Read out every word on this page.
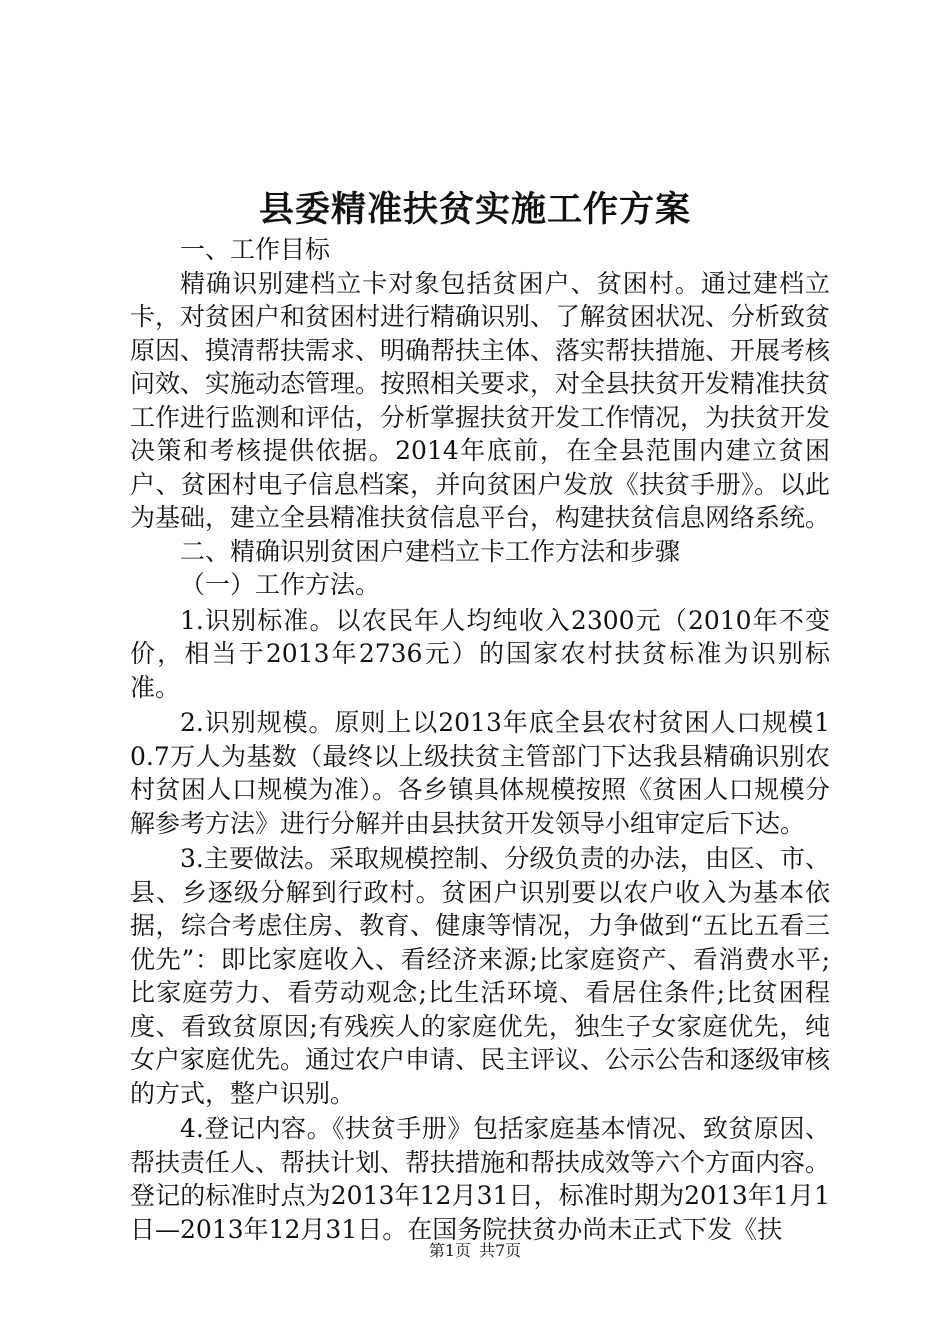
县委精准扶贫实施工作方案

一、工作目标

精确识别建档立卡对象包括贫困户、贫困村。通过建档立卡，对贫困户和贫困村进行精确识别、了解贫困状况、分析致贫原因、摸清帮扶需求、明确帮扶主体、落实帮扶措施、开展考核问效、实施动态管理。按照相关要求，对全县扶贫开发精准扶贫工作进行监测和评估，分析掌握扶贫开发工作情况，为扶贫开发决策和考核提供依据。2014年底前，在全县范围内建立贫困户、贫困村电子信息档案，并向贫困户发放《扶贫手册》。以此为基础，建立全县精准扶贫信息平台，构建扶贫信息网络系统。

二、精确识别贫困户建档立卡工作方法和步骤

（一）工作方法。

1.识别标准。以农民年人均纯收入2300元（2010年不变价，相当于2013年2736元）的国家农村扶贫标准为识别标准。

2.识别规模。原则上以2013年底全县农村贫困人口规模10.7万人为基数（最终以上级扶贫主管部门下达我县精确识别农村贫困人口规模为准）。各乡镇具体规模按照《贫困人口规模分解参考方法》进行分解并由县扶贫开发领导小组审定后下达。

3.主要做法。采取规模控制、分级负责的办法，由区、市、县、乡逐级分解到行政村。贫困户识别要以农户收入为基本依据，综合考虑住房、教育、健康等情况，力争做到“五比五看三优先”：即比家庭收入、看经济来源;比家庭资产、看消费水平;比家庭劳力、看劳动观念;比生活环境、看居住条件;比贫困程度、看致贫原因;有残疾人的家庭优先，独生子女家庭优先，纯女户家庭优先。通过农户申请、民主评议、公示公告和逐级审核的方式，整户识别。

4.登记内容。《扶贫手册》包括家庭基本情况、致贫原因、帮扶责任人、帮扶计划、帮扶措施和帮扶成效等六个方面内容。登记的标准时点为2013年12月31日，标准时期为2013年1月1日—2013年12月31日。在国务院扶贫办尚未正式下发《扶

第1页 共7页
